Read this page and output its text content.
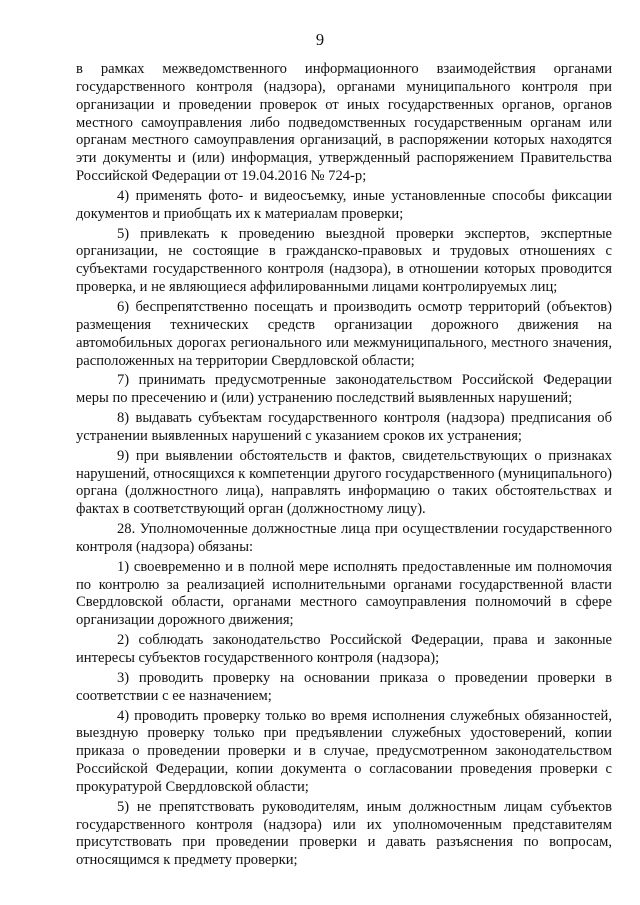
9

в рамках межведомственного информационного взаимодействия органами государственного контроля (надзора), органами муниципального контроля при организации и проведении проверок от иных государственных органов, органов местного самоуправления либо подведомственных государственным органам или органам местного самоуправления организаций, в распоряжении которых находятся эти документы и (или) информация, утвержденный распоряжением Правительства Российской Федерации от 19.04.2016 № 724-р;

4) применять фото- и видеосъемку, иные установленные способы фиксации документов и приобщать их к материалам проверки;

5) привлекать к проведению выездной проверки экспертов, экспертные организации, не состоящие в гражданско-правовых и трудовых отношениях с субъектами государственного контроля (надзора), в отношении которых проводится проверка, и не являющиеся аффилированными лицами контролируемых лиц;

6) беспрепятственно посещать и производить осмотр территорий (объектов) размещения технических средств организации дорожного движения на автомобильных дорогах регионального или межмуниципального, местного значения, расположенных на территории Свердловской области;

7) принимать предусмотренные законодательством Российской Федерации меры по пресечению и (или) устранению последствий выявленных нарушений;

8) выдавать субъектам государственного контроля (надзора) предписания об устранении выявленных нарушений с указанием сроков их устранения;

9) при выявлении обстоятельств и фактов, свидетельствующих о признаках нарушений, относящихся к компетенции другого государственного (муниципального) органа (должностного лица), направлять информацию о таких обстоятельствах и фактах в соответствующий орган (должностному лицу).

28. Уполномоченные должностные лица при осуществлении государственного контроля (надзора) обязаны:

1) своевременно и в полной мере исполнять предоставленные им полномочия по контролю за реализацией исполнительными органами государственной власти Свердловской области, органами местного самоуправления полномочий в сфере организации дорожного движения;

2) соблюдать законодательство Российской Федерации, права и законные интересы субъектов государственного контроля (надзора);

3) проводить проверку на основании приказа о проведении проверки в соответствии с ее назначением;

4) проводить проверку только во время исполнения служебных обязанностей, выездную проверку только при предъявлении служебных удостоверений, копии приказа о проведении проверки и в случае, предусмотренном законодательством Российской Федерации, копии документа о согласовании проведения проверки с прокуратурой Свердловской области;

5) не препятствовать руководителям, иным должностным лицам субъектов государственного контроля (надзора) или их уполномоченным представителям присутствовать при проведении проверки и давать разъяснения по вопросам, относящимся к предмету проверки;
